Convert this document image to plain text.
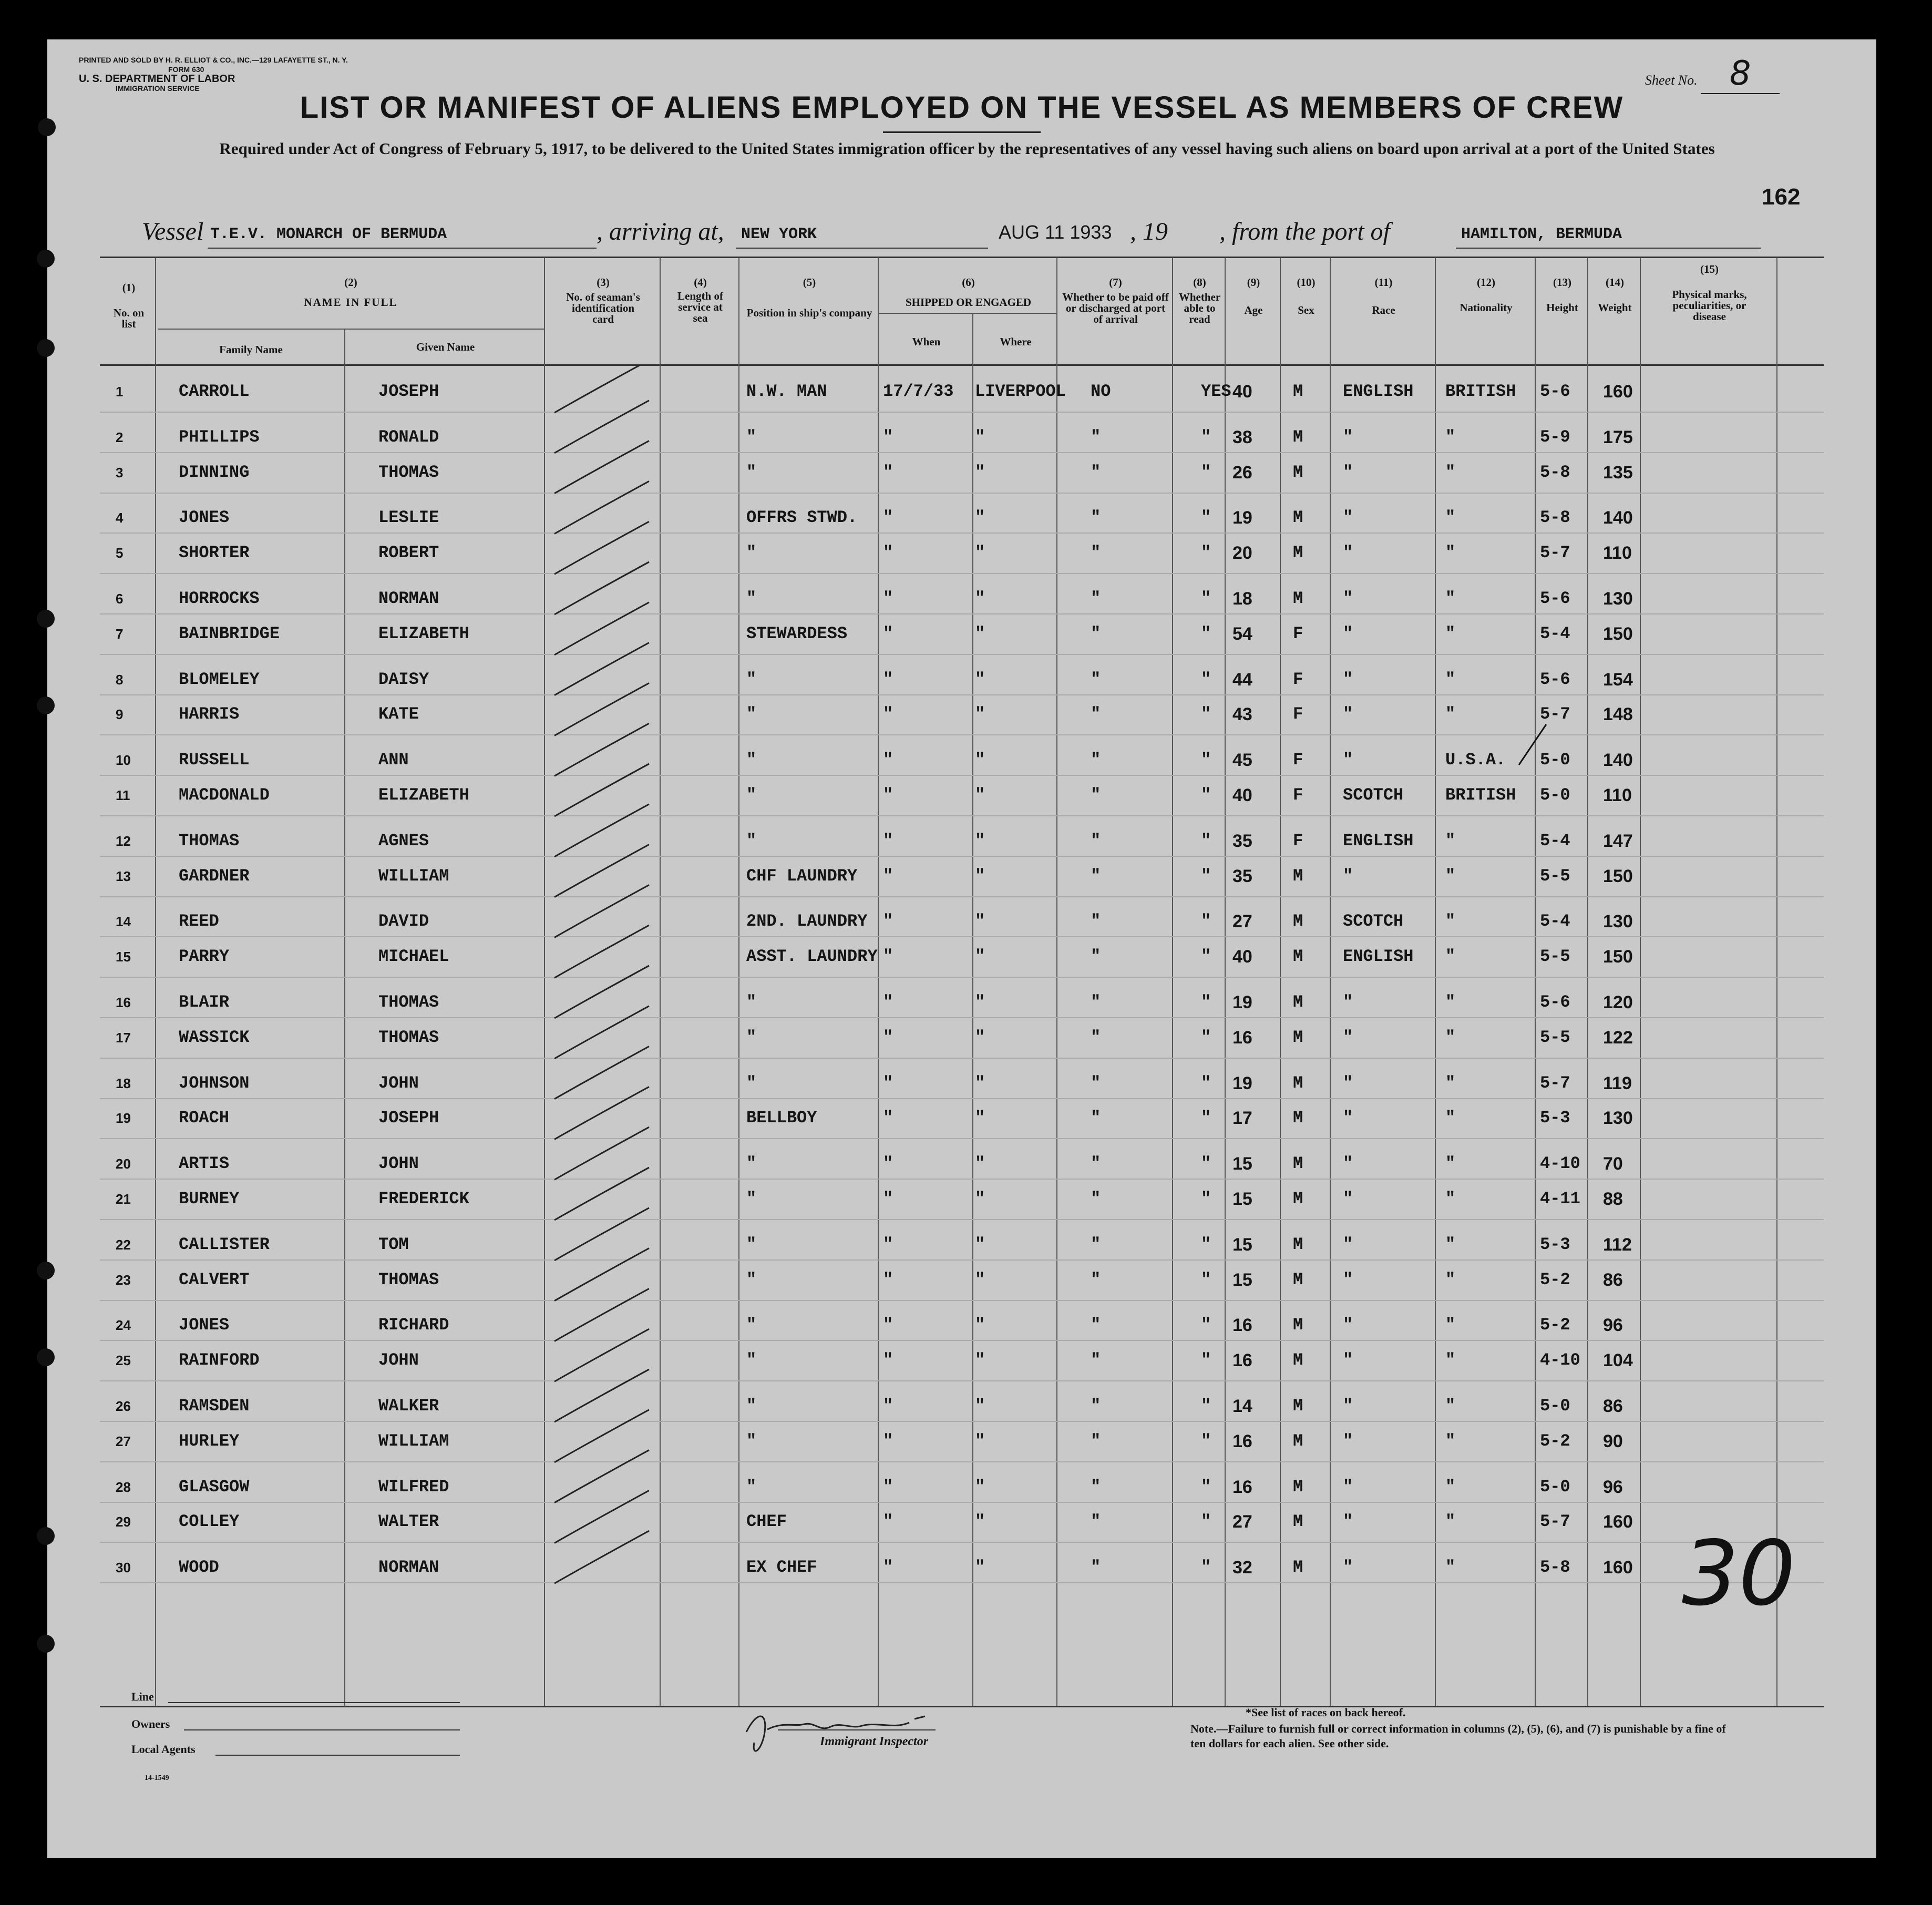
PRINTED AND SOLD BY H. R. ELLIOT & CO., INC.—129 LAFAYETTE ST., N. Y.
FORM 630
U. S. DEPARTMENT OF LABOR
IMMIGRATION SERVICE
Sheet No. 8
162
LIST OR MANIFEST OF ALIENS EMPLOYED ON THE VESSEL AS MEMBERS OF CREW
Required under Act of Congress of February 5, 1917, to be delivered to the United States immigration officer by the representatives of any vessel having such aliens on board upon arrival at a port of the United States
Vessel T.E.V. MONARCH OF BERMUDA	, arriving at, NEW YORK	AUG 11 1933 , 19 , from the port of	HAMILTON, BERMUDA
(1)
No. on list
(2)
NAME IN FULL
Family Name	Given Name
(3)
No. of seaman's identification card
(4)
Length of service at sea
(5)
Position in ship's company
(6)
SHIPPED OR ENGAGED
When	Where
(7)
Whether to be paid off or discharged at port of arrival
(8)
Whether able to read
(9)
Age
(10)
Sex
(11)
Race
(12)
Nationality
(13)
Height
(14)
Weight
(15)
Physical marks, peculiarities, or disease
1	CARROLL	JOSEPH	N.W. MAN	17/7/33 LIVERPOOL NO	YES 40 M ENGLISH BRITISH 5-6 160
2	PHILLIPS	RONALD	"	"	"	"	" 38 M "	"	5-9 175
3	DINNING	THOMAS	"	"	"	"	" 26 M "	"	5-8 135
4	JONES	LESLIE	OFFRS STWD. "	"	"	" 19 M "	"	5-8 140
5	SHORTER	ROBERT	"	"	"	"	" 20 M "	"	5-7 110
6	HORROCKS	NORMAN	"	"	"	"	" 18 M "	"	5-6 130
7	BAINBRIDGE	ELIZABETH	STEWARDESS "	"	"	" 54 F "	"	5-4 150
8	BLOMELEY	DAISY	"	"	"	"	" 44 F "	"	5-6 154
9	HARRIS	KATE	"	"	"	"	" 43 F "	"	5-7 148
10	RUSSELL	ANN	"	"	"	"	" 45 F "	U.S.A. 5-0 140
11	MACDONALD	ELIZABETH	"	"	"	"	" 40 F SCOTCH BRITISH 5-0 110
12	THOMAS	AGNES	"	"	"	"	" 35 F ENGLISH "	5-4 147
13	GARDNER	WILLIAM	CHF LAUNDRY "	"	"	" 35 M "	"	5-5 150
14	REED	DAVID	2ND. LAUNDRY "	"	"	" 27 M SCOTCH "	5-4 130
15	PARRY	MICHAEL	ASST. LAUNDRY "	"	"	" 40 M ENGLISH "	5-5 150
16	BLAIR	THOMAS	"	"	"	"	" 19 M "	"	5-6 120
17	WASSICK	THOMAS	"	"	"	"	" 16 M "	"	5-5 122
18	JOHNSON	JOHN	"	"	"	"	" 19 M "	"	5-7 119
19	ROACH	JOSEPH	BELLBOY	"	"	"	" 17 M "	"	5-3 130
20	ARTIS	JOHN	"	"	"	"	" 15 M "	"	4-10 70
21	BURNEY	FREDERICK	"	"	"	"	" 15 M "	"	4-11 88
22	CALLISTER	TOM	"	"	"	"	" 15 M "	"	5-3 112
23	CALVERT	THOMAS	"	"	"	"	" 15 M "	"	5-2 86
24	JONES	RICHARD	"	"	"	"	" 16 M "	"	5-2 96
25	RAINFORD	JOHN	"	"	"	"	" 16 M "	"	4-10 104
26	RAMSDEN	WALKER	"	"	"	"	" 14 M "	"	5-0 86
27	HURLEY	WILLIAM	"	"	"	"	" 16 M "	"	5-2 90
28	GLASGOW	WILFRED	"	"	"	"	" 16 M "	"	5-0 96
29	COLLEY	WALTER	CHEF	"	"	"	" 27 M "	"	5-7 160
30	WOOD	NORMAN	EX CHEF	"	"	"	" 32 M "	"	5-8 160 30
Line
Owners
Local Agents
14-1549
Immigrant Inspector
*See list of races on back hereof.
Note.—Failure to furnish full or correct information in columns (2), (5), (6), and (7) is punishable by a fine of ten dollars for each alien. See other side.
